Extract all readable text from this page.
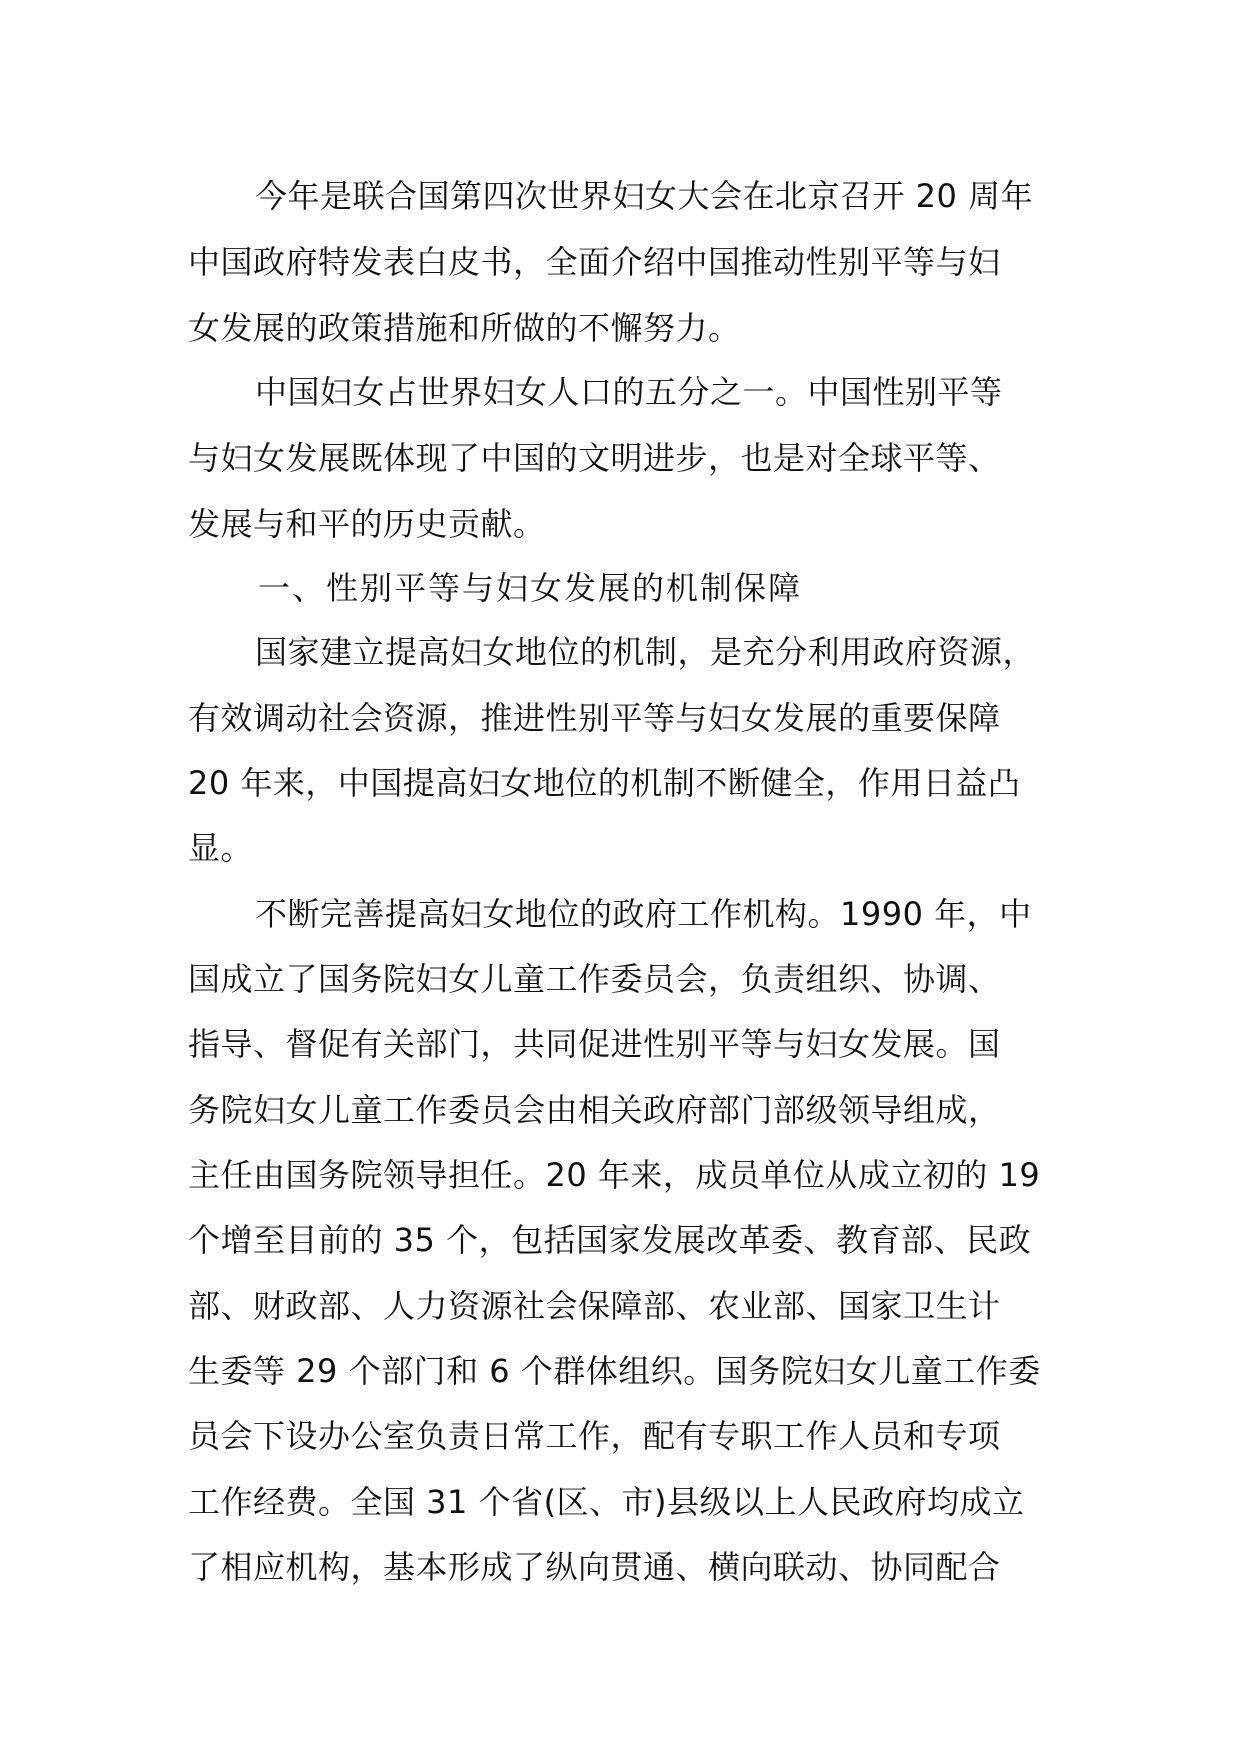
今年是联合国第四次世界妇女大会在北京召开 20 周年
中国政府特发表白皮书，全面介绍中国推动性别平等与妇
女发展的政策措施和所做的不懈努力。
中国妇女占世界妇女人口的五分之一。中国性别平等
与妇女发展既体现了中国的文明进步，也是对全球平等、
发展与和平的历史贡献。
一、性别平等与妇女发展的机制保障
国家建立提高妇女地位的机制，是充分利用政府资源，
有效调动社会资源，推进性别平等与妇女发展的重要保障
20 年来，中国提高妇女地位的机制不断健全，作用日益凸
显。
不断完善提高妇女地位的政府工作机构。1990 年，中
国成立了国务院妇女儿童工作委员会，负责组织、协调、
指导、督促有关部门，共同促进性别平等与妇女发展。国
务院妇女儿童工作委员会由相关政府部门部级领导组成，
主任由国务院领导担任。20 年来，成员单位从成立初的 19
个增至目前的 35 个，包括国家发展改革委、教育部、民政
部、财政部、人力资源社会保障部、农业部、国家卫生计
生委等 29 个部门和 6 个群体组织。国务院妇女儿童工作委
员会下设办公室负责日常工作，配有专职工作人员和专项
工作经费。全国 31 个省(区、市)县级以上人民政府均成立
了相应机构，基本形成了纵向贯通、横向联动、协同配合
